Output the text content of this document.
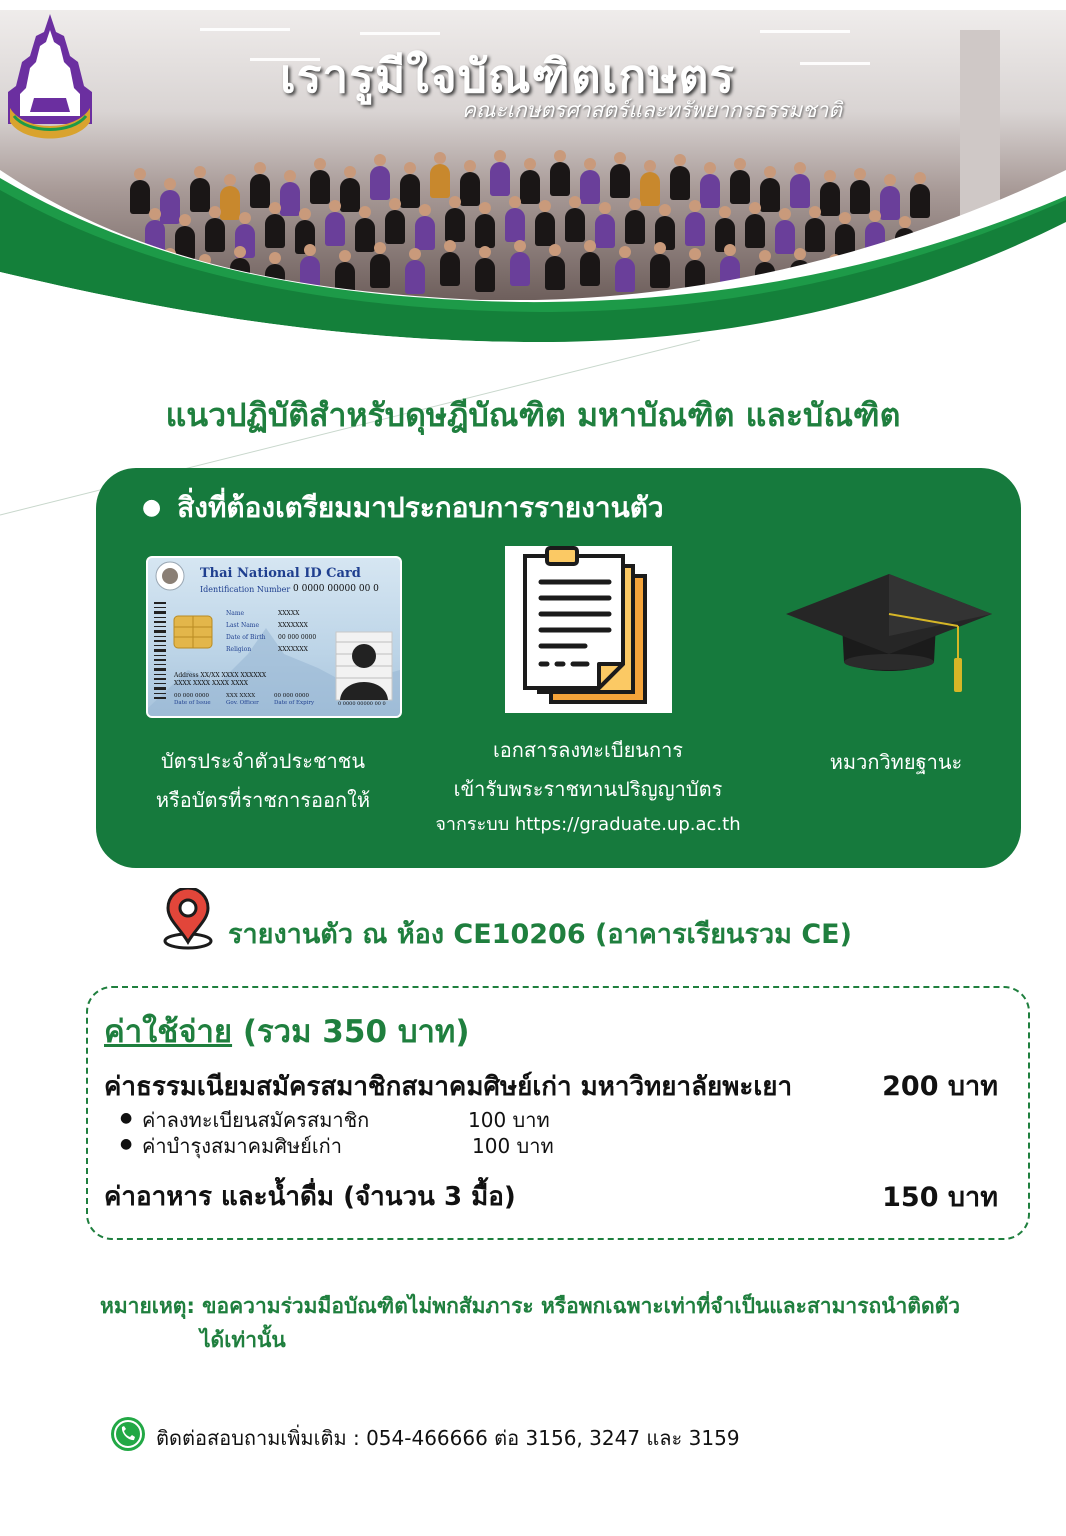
เรารูมีใจบัณฑิตเกษตร
คณะเกษตรศาสตร์และทรัพยากรธรรมชาติ
แนวปฏิบัติสำหรับดุษฎีบัณฑิต มหาบัณฑิต และบัณฑิต
● สิ่งที่ต้องเตรียมมาประกอบการรายงานตัว
Thai National ID Card
Identification Number 0 0000 00000 00 0
Name
Last Name
Date of Birth
Religion
XXXXX
XXXXXXX
00 000 0000
XXXXXXX
Address XX/XX XXXX XXXXXX
XXXX XXXX XXXX XXXX
00 000 0000
Date of Issue
XXX XXXX
Gov. Officer
00 000 0000
Date of Expiry	0 0000 00000 00 0
บัตรประจำตัวประชาชน
หรือบัตรที่ราชการออกให้
เอกสารลงทะเบียนการ
เข้ารับพระราชทานปริญญาบัตร
จากระบบ https://graduate.up.ac.th
หมวกวิทยฐานะ
รายงานตัว ณ ห้อง CE10206 (อาคารเรียนรวม CE)
ค่าใช้จ่าย (รวม 350 บาท)
ค่าธรรมเนียมสมัครสมาชิกสมาคมศิษย์เก่า มหาวิทยาลัยพะเยา	200 บาท
● ค่าลงทะเบียนสมัครสมาชิก	100 บาท
● ค่าบำรุงสมาคมศิษย์เก่า	100 บาท
ค่าอาหาร และน้ำดื่ม (จำนวน 3 มื้อ)	150 บาท
หมายเหตุ: ขอความร่วมมือบัณฑิตไม่พกสัมภาระ หรือพกเฉพาะเท่าที่จำเป็นและสามารถนำติดตัว
ได้เท่านั้น
ติดต่อสอบถามเพิ่มเติม : 054-466666 ต่อ 3156, 3247 และ 3159
